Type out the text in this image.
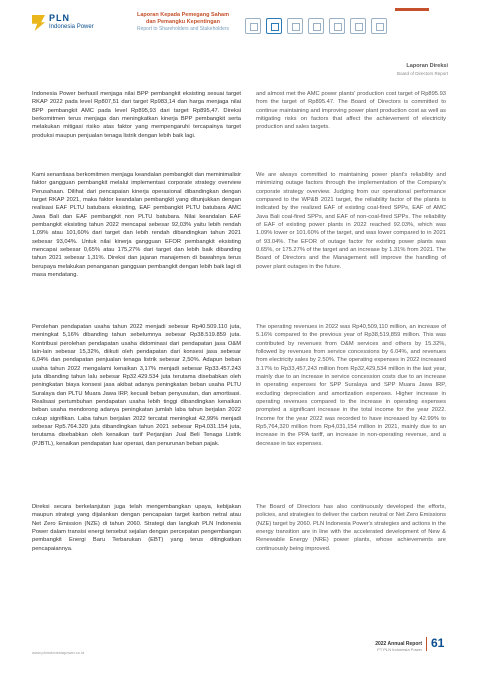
PLN
Indonesia Power
Laporan Kepada Pemegang Saham dan Pemangku Kepentingan
Report to Shareholders and Stakeholders
Laporan Direksi
Board of Directors Report

Indonesia Power berhasil menjaga nilai BPP pembangkit eksisting sesuai target RKAP 2022 pada level Rp807,51 dari target Rp983,14 dan harga menjaga nilai BPP pembangkit AMC pada level Rp895,93 dari target Rp895,47. Direksi berkomitmen terus menjaga dan meningkatkan kinerja BPP pembangkit serta melakukan mitigasi risiko atas faktor yang mempengaruhi tercapainya target produksi maupun penjualan tenaga listrik dengan lebih baik lagi.

Kami senantiasa berkomitmen menjaga keandalan pembangkit dan meminimalisir faktor gangguan pembangkit melalui implementasi corporate strategy overview Perusahaan. Dilihat dari pencapaian kinerja operasional dibandingkan dengan target RKAP 2021, maka faktor keandalan pembangkit yang ditunjukkan dengan realisasi EAF PLTU batubara eksisting, EAF pembangkit PLTU batubara AMC Jawa Bali dan EAF pembangkit non PLTU batubara. Nilai keandalan EAF pembangkit eksisting tahun 2022 mencapai sebesar 92,03% yaitu lebih rendah 1,09% atau 101,60% dari target dan lebih rendah dibandingkan tahun 2021 sebesar 93,04%. Untuk nilai kinerja gangguan EFOR pembangkit eksisting mencapai sebesar 0,65% atau 175,27% dari target dan lebih baik dibanding tahun 2021 sebesar 1,31%. Direksi dan jajaran manajemen di bawahnya terus berupaya melakukan penanganan gangguan pembangkit dengan lebih baik lagi di masa mendatang.

Perolehan pendapatan usaha tahun 2022 menjadi sebesar Rp40.509.110 juta, meningkat 5,16% dibanding tahun sebelumnya sebesar Rp38.519.859 juta. Kontribusi perolehan pendapatan usaha didominasi dari pendapatan jasa O&M lain-lain sebesar 15,32%, diikuti oleh pendapatan dari konsesi jasa sebesar 6,04% dan pendapatan penjualan tenaga listrik sebesar 2,50%. Adapun beban usaha tahun 2022 mengalami kenaikan 3,17% menjadi sebesar Rp33.457.243 juta dibanding tahun lalu sebesar Rp32.429.534 juta terutama disebabkan oleh peningkatan biaya konsesi jasa akibat adanya peningkatan beban usaha PLTU Suralaya dan PLTU Muara Jawa IRP, kecuali beban penyusutan, dan amortisasi. Realisasi pertumbuhan pendapatan usaha lebih tinggi dibandingkan kenaikan beban usaha mendorong adanya peningkatan jumlah laba tahun berjalan 2022 cukup signifikan. Laba tahun berjalan 2022 tercatat meningkat 42,99% menjadi sebesar Rp5.764.320 juta dibandingkan tahun 2021 sebesar Rp4.031.154 juta, terutama disebabkan oleh kenaikan tarif Perjanjian Jual Beli Tenaga Listrik (PJBTL), kenaikan pendapatan luar operasi, dan penurunan beban pajak.

Direksi secara berkelanjutan juga telah mengembangkan upaya, kebijakan maupun strategi yang dijalankan dengan pencapaian target karbon netral atau Net Zero Emission (NZE) di tahun 2060. Strategi dan langkah PLN Indonesia Power dalam transisi energi tersebut sejalan dengan percepatan pengembangan pembangkit Energi Baru Terbarukan (EBT) yang terus ditingkatkan pencapaiannya.

and almost met the AMC power plants' production cost target of Rp895.93 from the target of Rp895.47. The Board of Directors is committed to continue maintaining and improving power plant production cost as well as mitigating risks on factors that affect the achievement of electricity production and sales targets.

We are always committed to maintaining power plant's reliability and minimizing outage factors through the implementation of the Company's corporate strategy overview. Judging from our operational performance compared to the WP&B 2021 target, the reliability factor of the plants is indicated by the realized EAF of existing coal-fired SPPs, EAF of AMC Java Bali coal-fired SPPs, and EAF of non-coal-fired SPPs. The reliability of EAF of existing power plants in 2022 reached 92.03%, which was 1.09% lower or 101.60% of the target, and was lower compared to in 2021 of 93.04%. The EFOR of outage factor for existing power plants was 0.65%, or 175.27% of the target and an increase by 1.31% from 2021. The Board of Directors and the Management will improve the handling of power plant outages in the future.

The operating revenues in 2022 was Rp40,509,110 million, an increase of 5.16% compared to the previous year of Rp38,519,859 million. This was contributed by revenues from O&M services and others by 15.32%, followed by revenues from service concessions by 6.04%, and revenues from electricity sales by 2.50%. The operating expenses in 2022 increased 3.17% to Rp33,457,243 million from Rp32,429,534 million in the last year, mainly due to an increase in service concession costs due to an increase in operating expenses for SPP Suralaya and SPP Muara Jawa IRP, excluding depreciation and amortization expenses. Higher increase in operating revenues compared to the increase in operating expenses prompted a significant increase in the total income for the year 2022. Income for the year 2022 was recorded to have increased by 42.99% to Rp5,764,320 million from Rp4,031,154 million in 2021, mainly due to an increase in the PPA tariff, an increase in non-operating revenue, and a decrease in tax expenses.

The Board of Directors has also continuously developed the efforts, policies, and strategies to deliver the carbon neutral or Net Zero Emissions (NZE) target by 2060. PLN Indonesia Power's strategies and actions in the energy transition are in line with the accelerated development of New & Renewable Energy (NRE) power plants, whose achievements are continuously being improved.

www.plnindonesiapower.co.id
2022 Annual Report
PT PLN Indonesia Power 61
